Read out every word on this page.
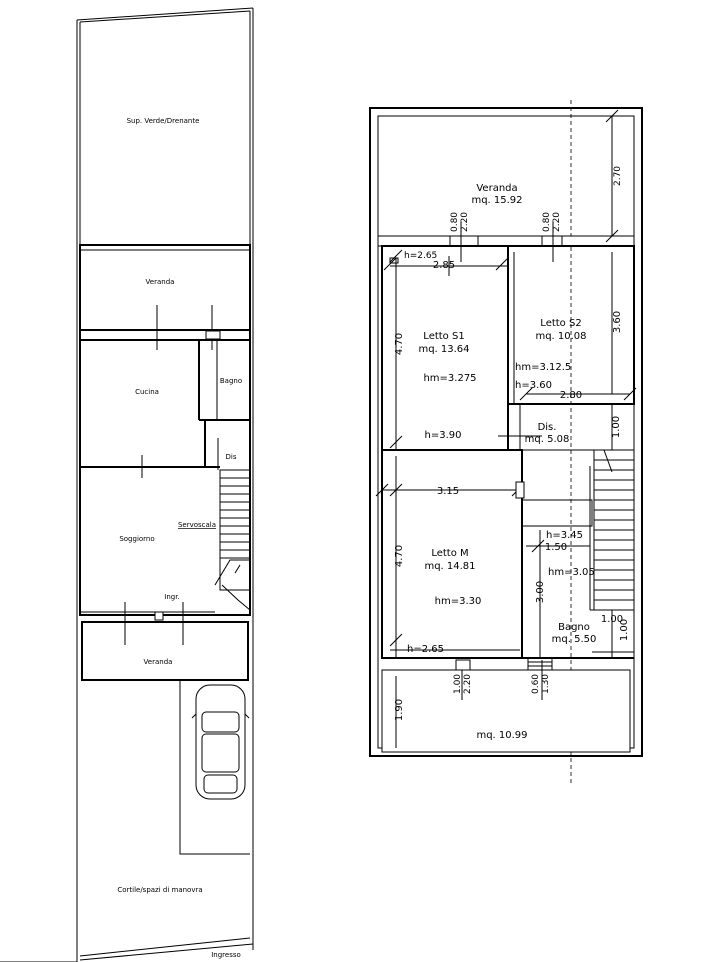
Sup. Verde/Drenante
Veranda
Cucina
Bagno
Dis
Servoscala
Soggiorno
Ingr.
Veranda
Cortile/spazi di manovra
Ingresso
Veranda
mq. 15.92
2.70
0.80 2.20	0.80 2.20
h=2.65
2.85
4.70 Letto S1
mq. 13.64
hm=3.275
h=3.90
Letto S2
mq. 10.08
3.60
hm=3.12.5
h=3.60
2.80
Dis.
mq. 5.08
1.00
3.15
4.70	Letto M
mq. 14.81
hm=3.30
h=2.65
h=3.45
1.50
hm=3.05
3.00
Bagno
mq. 5.50
1.00
1.00
1.90
mq. 10.99
1.00 2.20	0.60 1.30
